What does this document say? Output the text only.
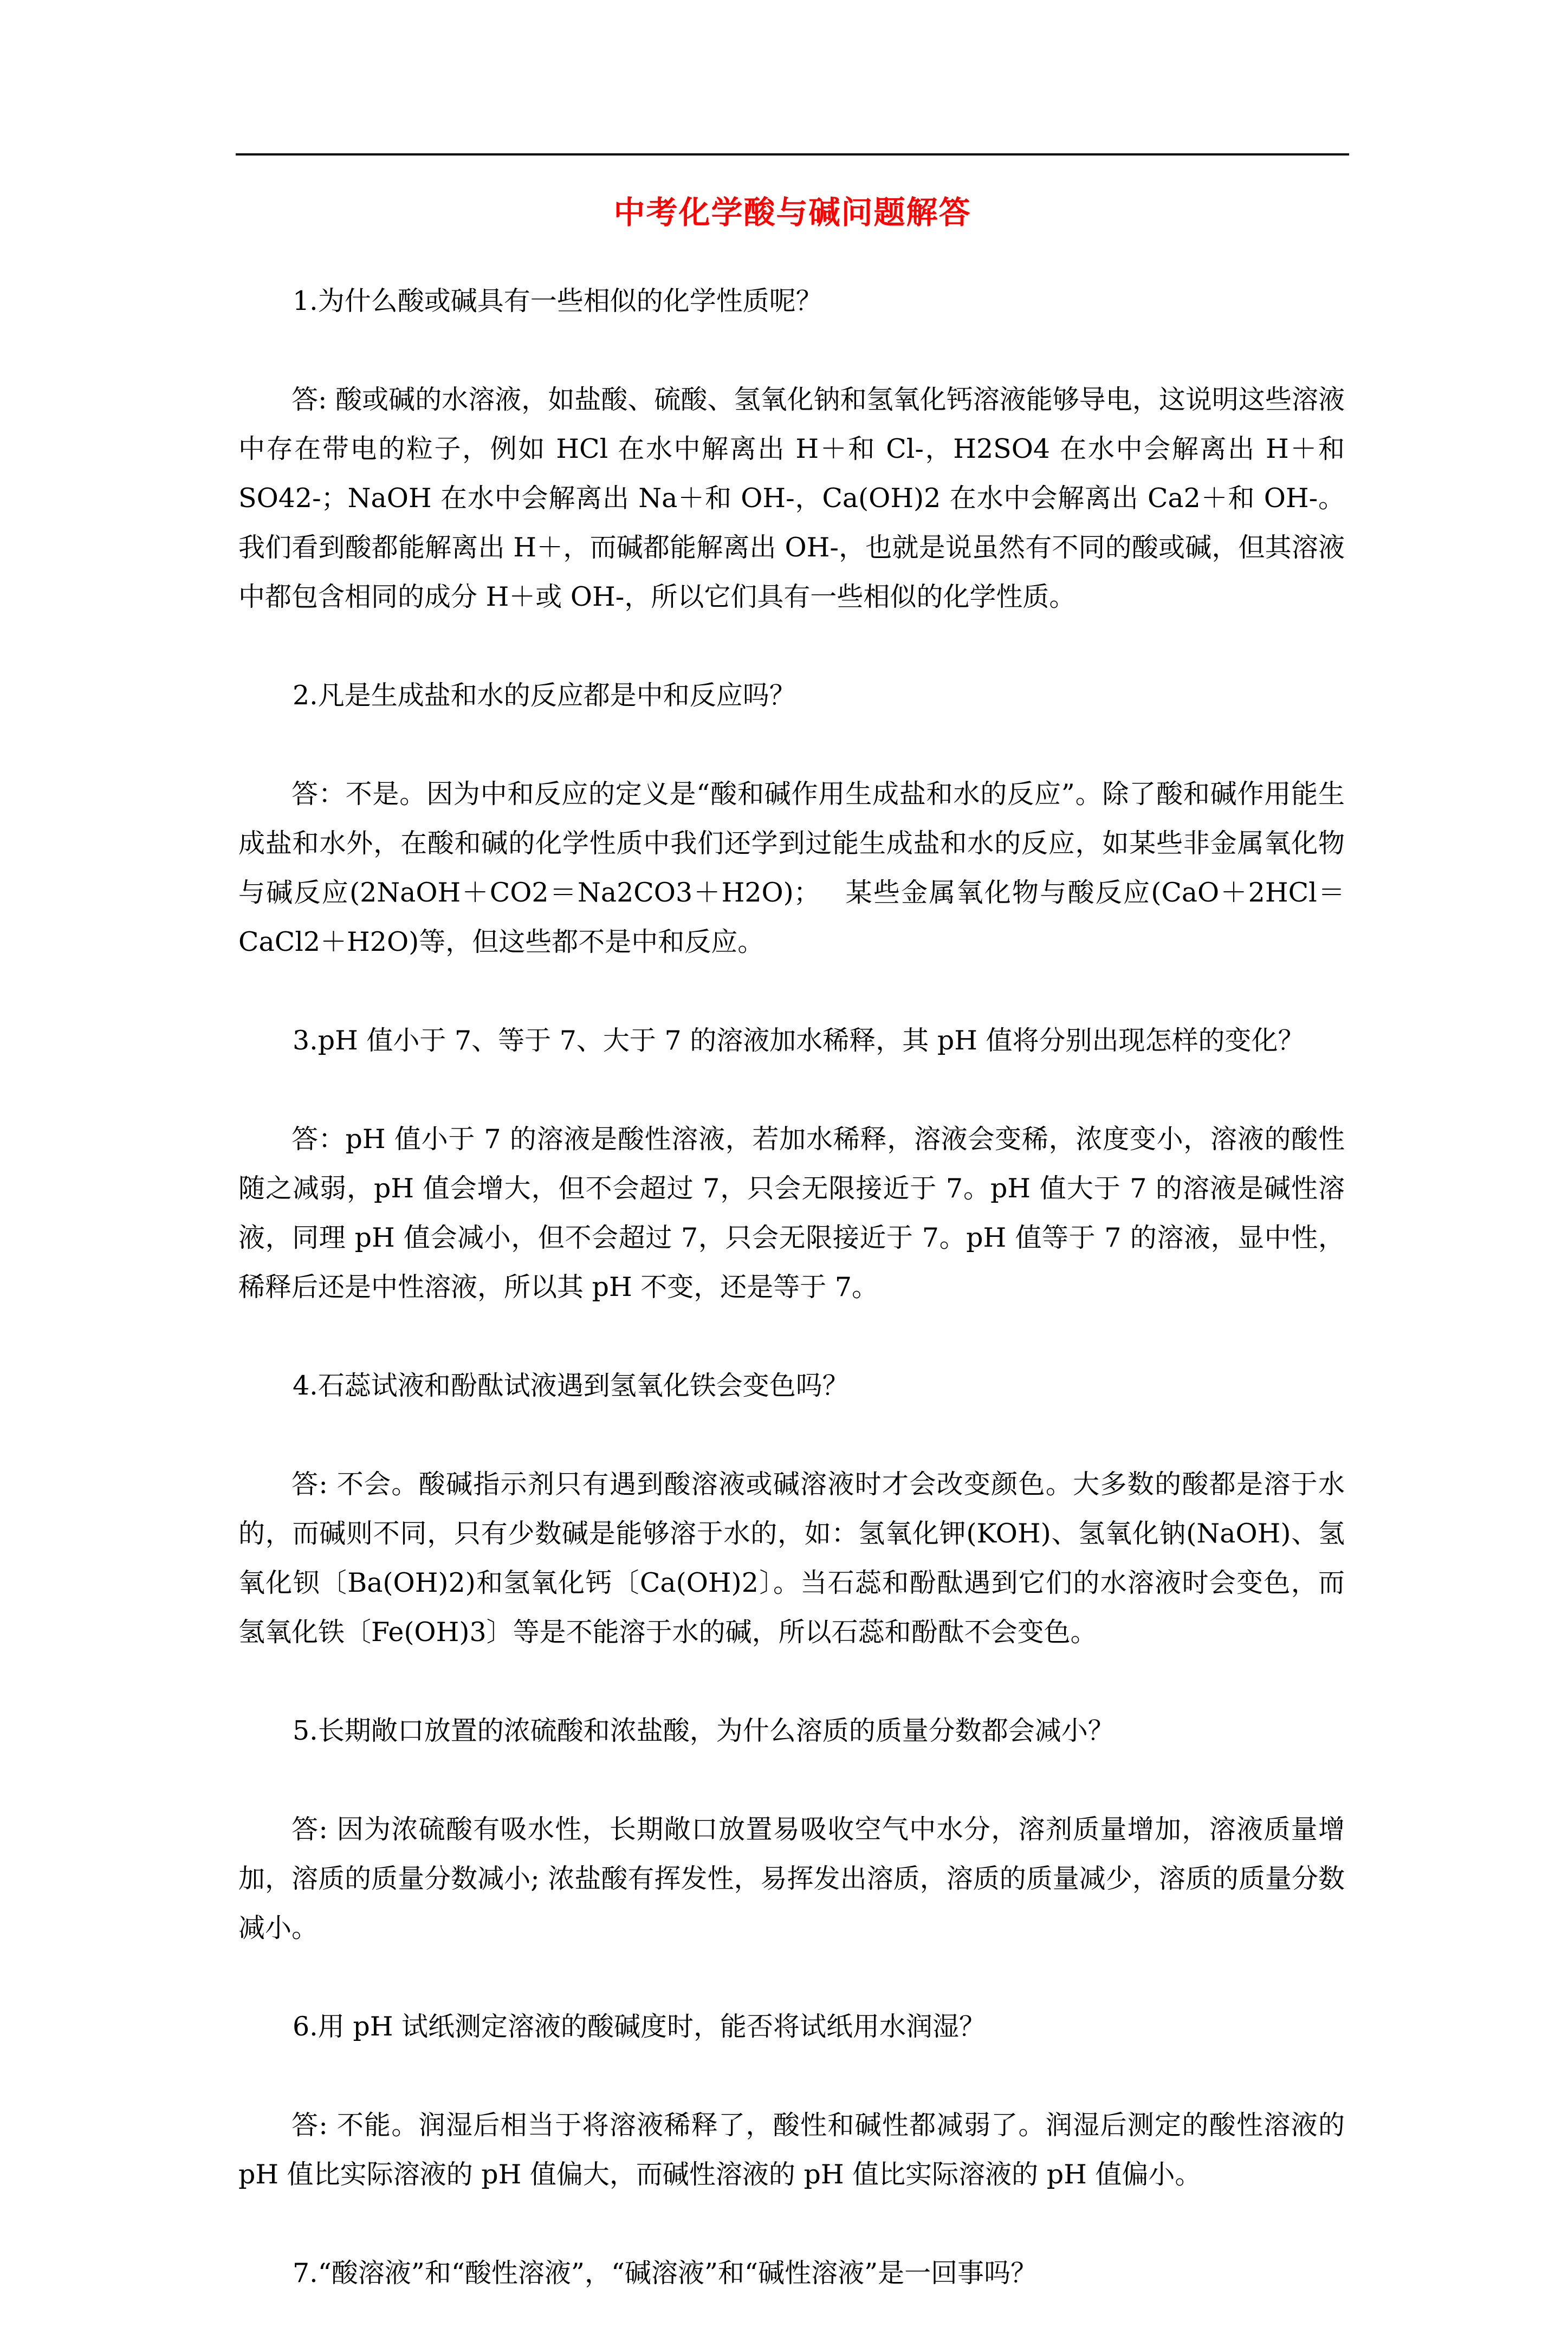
中考化学酸与碱问题解答

1.为什么酸或碱具有一些相似的化学性质呢？

答: 酸或碱的水溶液，如盐酸、硫酸、氢氧化钠和氢氧化钙溶液能够导电，这说明这些溶液中存在带电的粒子，例如 HCl 在水中解离出 H＋和 Cl-，H2SO4 在水中会解离出 H＋和 SO42-；NaOH 在水中会解离出 Na＋和 OH-，Ca(OH)2 在水中会解离出 Ca2＋和 OH-。我们看到酸都能解离出 H＋，而碱都能解离出 OH-，也就是说虽然有不同的酸或碱，但其溶液中都包含相同的成分 H＋或 OH-，所以它们具有一些相似的化学性质。

2.凡是生成盐和水的反应都是中和反应吗？

答：不是。因为中和反应的定义是“酸和碱作用生成盐和水的反应”。除了酸和碱作用能生成盐和水外，在酸和碱的化学性质中我们还学到过能生成盐和水的反应，如某些非金属氧化物与碱反应(2NaOH＋CO2＝Na2CO3＋H2O)；　 某些金属氧化物与酸反应(CaO＋2HCl＝CaCl2＋H2O)等，但这些都不是中和反应。

3.pH 值小于 7、等于 7、大于 7 的溶液加水稀释，其 pH 值将分别出现怎样的变化？

答：pH 值小于 7 的溶液是酸性溶液，若加水稀释，溶液会变稀，浓度变小，溶液的酸性随之减弱，pH 值会增大，但不会超过 7，只会无限接近于 7。pH 值大于 7 的溶液是碱性溶液，同理 pH 值会减小，但不会超过 7，只会无限接近于 7。pH 值等于 7 的溶液，显中性，稀释后还是中性溶液，所以其 pH 不变，还是等于 7。

4.石蕊试液和酚酞试液遇到氢氧化铁会变色吗？

答: 不会。酸碱指示剂只有遇到酸溶液或碱溶液时才会改变颜色。大多数的酸都是溶于水的，而碱则不同，只有少数碱是能够溶于水的，如：氢氧化钾(KOH)、氢氧化钠(NaOH)、氢氧化钡〔Ba(OH)2)和氢氧化钙〔Ca(OH)2〕。当石蕊和酚酞遇到它们的水溶液时会变色，而氢氧化铁〔Fe(OH)3〕等是不能溶于水的碱，所以石蕊和酚酞不会变色。

5.长期敞口放置的浓硫酸和浓盐酸，为什么溶质的质量分数都会减小？

答: 因为浓硫酸有吸水性，长期敞口放置易吸收空气中水分，溶剂质量增加，溶液质量增加，溶质的质量分数减小; 浓盐酸有挥发性，易挥发出溶质，溶质的质量减少，溶质的质量分数减小。

6.用 pH 试纸测定溶液的酸碱度时，能否将试纸用水润湿？

答: 不能。润湿后相当于将溶液稀释了，酸性和碱性都减弱了。润湿后测定的酸性溶液的 pH 值比实际溶液的 pH 值偏大，而碱性溶液的 pH 值比实际溶液的 pH 值偏小。

7.“酸溶液”和“酸性溶液”，“碱溶液”和“碱性溶液”是一回事吗？
